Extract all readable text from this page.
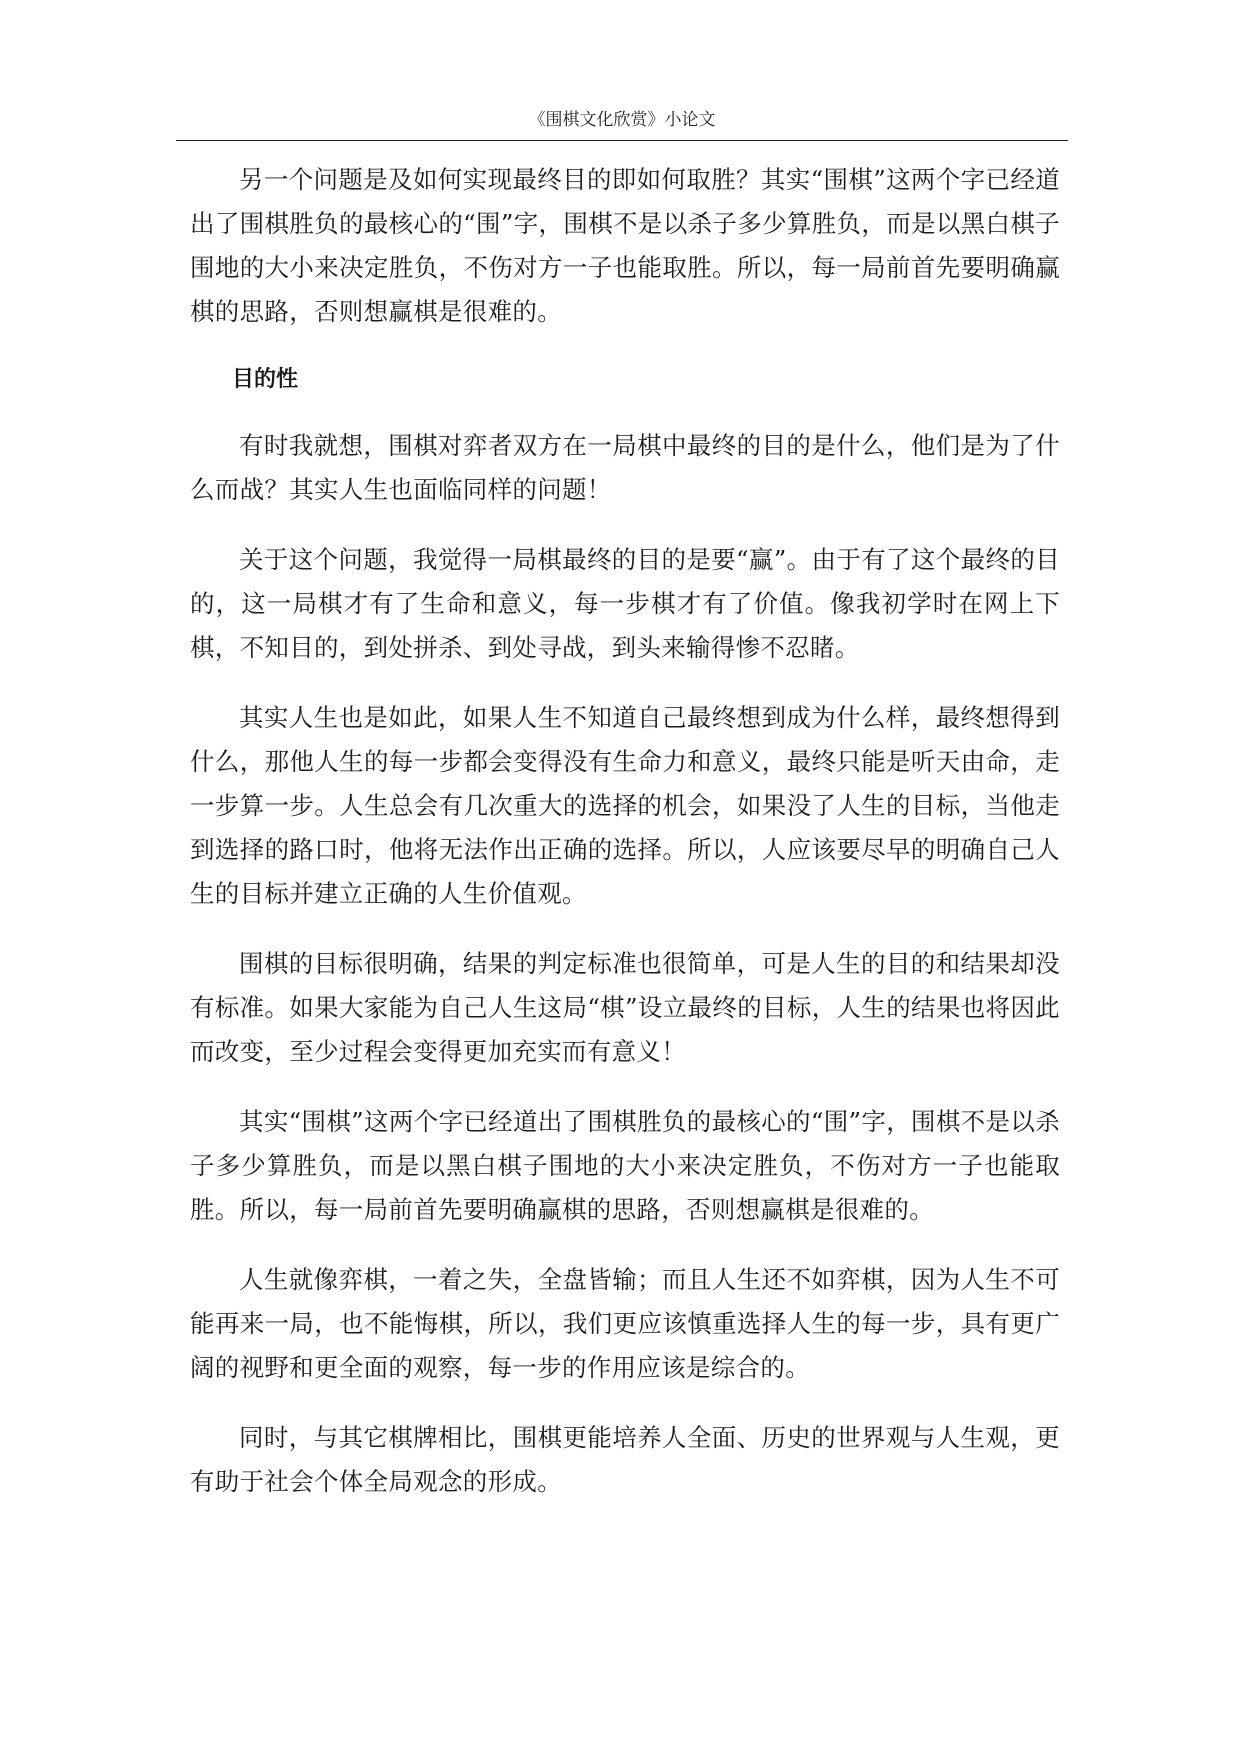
《围棋文化欣赏》小论文

另一个问题是及如何实现最终目的即如何取胜？其实“围棋”这两个字已经道出了围棋胜负的最核心的“围”字，围棋不是以杀子多少算胜负，而是以黑白棋子围地的大小来决定胜负，不伤对方一子也能取胜。所以，每一局前首先要明确赢棋的思路，否则想赢棋是很难的。

目的性

有时我就想，围棋对弈者双方在一局棋中最终的目的是什么，他们是为了什么而战？其实人生也面临同样的问题！

关于这个问题，我觉得一局棋最终的目的是要“赢”。由于有了这个最终的目的，这一局棋才有了生命和意义，每一步棋才有了价值。像我初学时在网上下棋，不知目的，到处拼杀、到处寻战，到头来输得惨不忍睹。

其实人生也是如此，如果人生不知道自己最终想到成为什么样，最终想得到什么，那他人生的每一步都会变得没有生命力和意义，最终只能是听天由命，走一步算一步。人生总会有几次重大的选择的机会，如果没了人生的目标，当他走到选择的路口时，他将无法作出正确的选择。所以，人应该要尽早的明确自己人生的目标并建立正确的人生价值观。

围棋的目标很明确，结果的判定标准也很简单，可是人生的目的和结果却没有标准。如果大家能为自己人生这局“棋”设立最终的目标，人生的结果也将因此而改变，至少过程会变得更加充实而有意义！

其实“围棋”这两个字已经道出了围棋胜负的最核心的“围”字，围棋不是以杀子多少算胜负，而是以黑白棋子围地的大小来决定胜负，不伤对方一子也能取胜。所以，每一局前首先要明确赢棋的思路，否则想赢棋是很难的。

人生就像弈棋，一着之失，全盘皆输；而且人生还不如弈棋，因为人生不可能再来一局，也不能悔棋，所以，我们更应该慎重选择人生的每一步，具有更广阔的视野和更全面的观察，每一步的作用应该是综合的。

同时，与其它棋牌相比，围棋更能培养人全面、历史的世界观与人生观，更有助于社会个体全局观念的形成。
